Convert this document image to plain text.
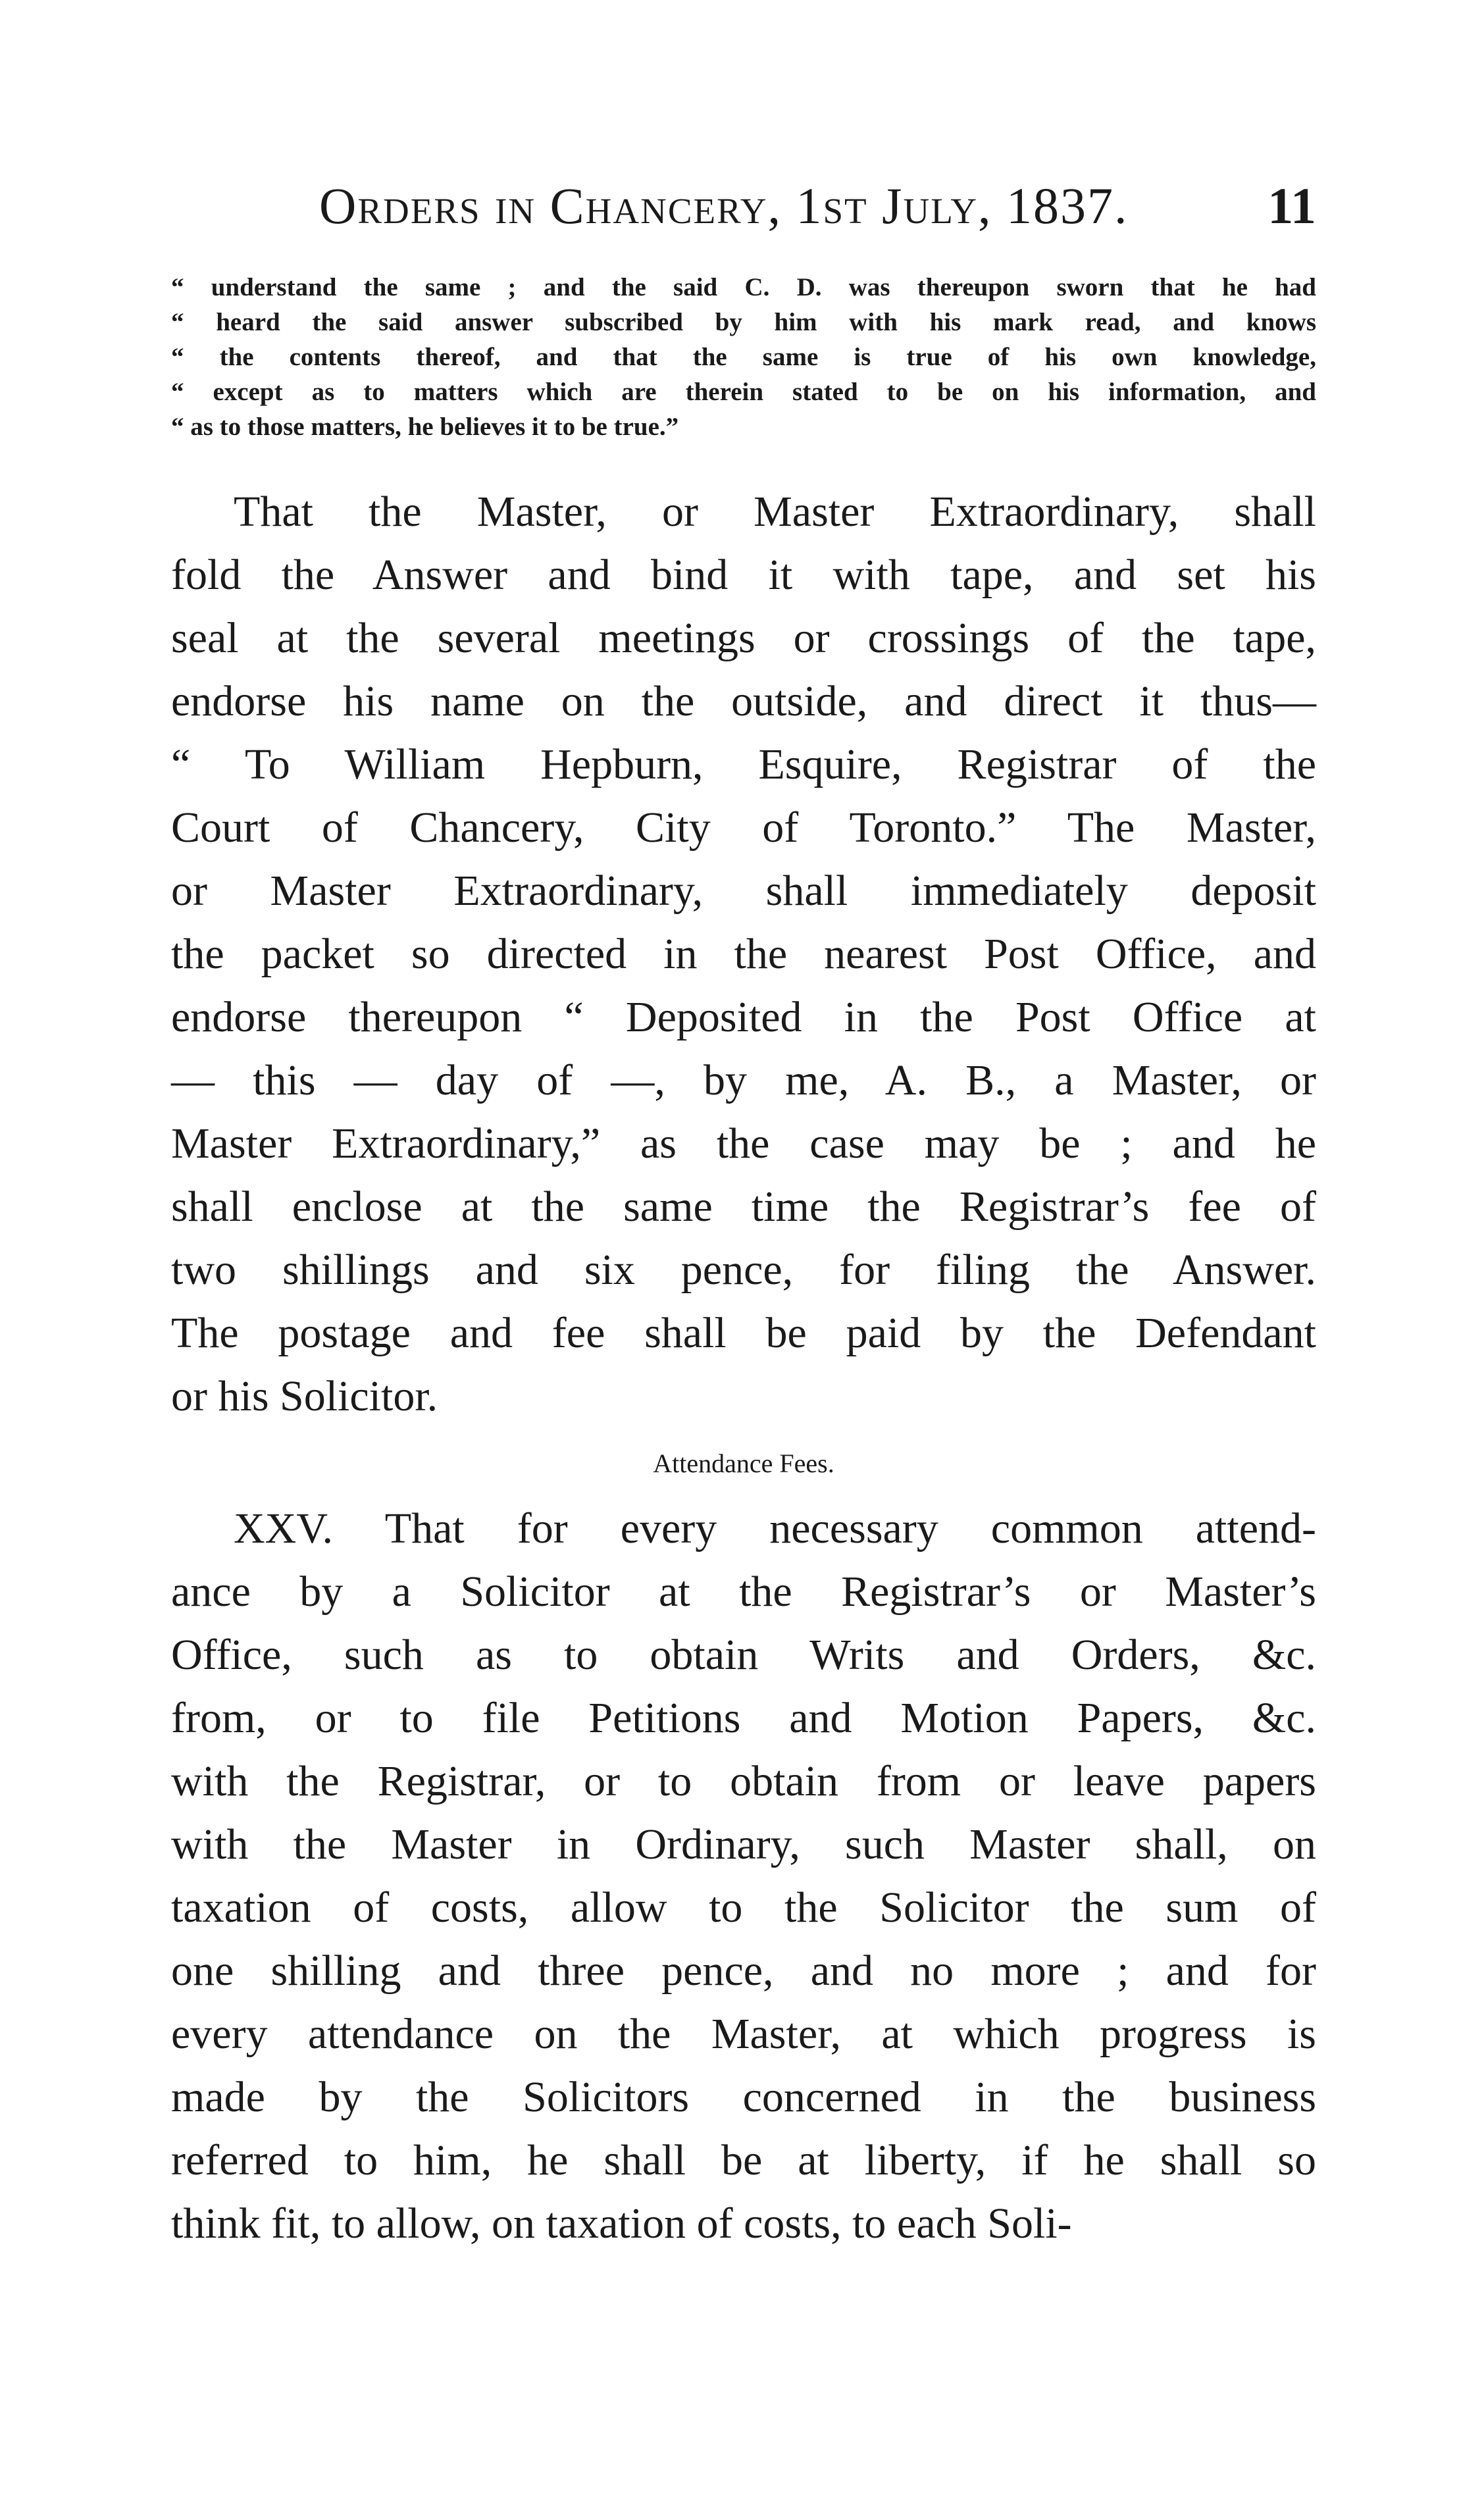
Orders in Chancery, 1st July, 1837.	11
“ understand the same ; and the said C. D. was thereupon sworn that he had
“ heard the said answer subscribed by him with his mark read, and knows
“ the contents thereof, and that the same is true of his own knowledge,
“ except as to matters which are therein stated to be on his information, and
“ as to those matters, he believes it to be true.”
That the Master, or Master Extraordinary, shall
fold the Answer and bind it with tape, and set his
seal at the several meetings or crossings of the tape,
endorse his name on the outside, and direct it thus—
“ To William Hepburn, Esquire, Registrar of the
Court of Chancery, City of Toronto.” The Master,
or Master Extraordinary, shall immediately deposit
the packet so directed in the nearest Post Office, and
endorse thereupon “ Deposited in the Post Office at
— this — day of —, by me, A. B., a Master, or
Master Extraordinary,” as the case may be ; and he
shall enclose at the same time the Registrar’s fee of
two shillings and six pence, for filing the Answer.
The postage and fee shall be paid by the Defendant
or his Solicitor.
Attendance Fees.
XXV. That for every necessary common attend-
ance by a Solicitor at the Registrar’s or Master’s
Office, such as to obtain Writs and Orders, &c.
from, or to file Petitions and Motion Papers, &c.
with the Registrar, or to obtain from or leave papers
with the Master in Ordinary, such Master shall, on
taxation of costs, allow to the Solicitor the sum of
one shilling and three pence, and no more ; and for
every attendance on the Master, at which progress is
made by the Solicitors concerned in the business
referred to him, he shall be at liberty, if he shall so
think fit, to allow, on taxation of costs, to each Soli-
